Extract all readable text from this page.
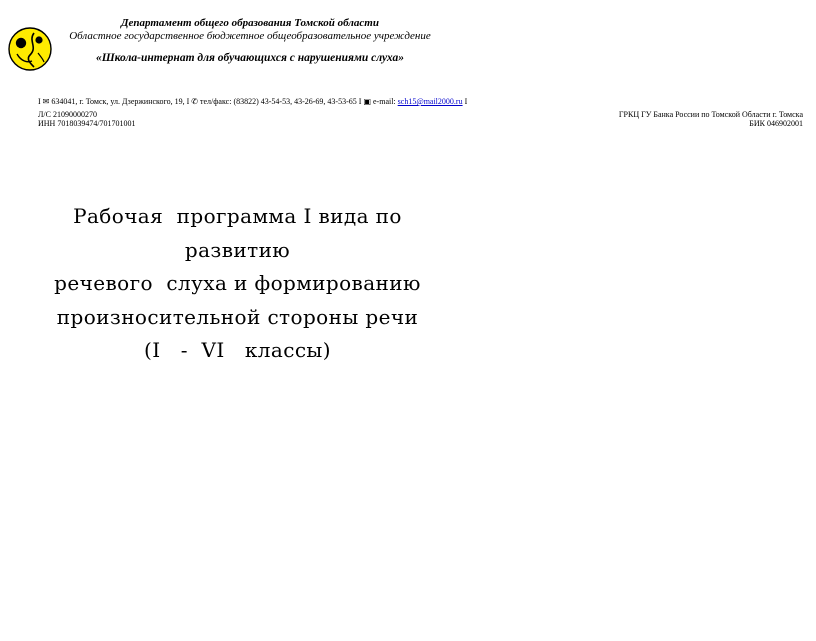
Департамент общего образования Томской области
Областное государственное бюджетное общеобразовательное учреждение
«Школа-интернат для обучающихся с нарушениями слуха»
I ✉ 634041, г. Томск, ул. Дзержинского, 19, I ✆ тел/факс: (83822) 43-54-53, 43-26-69, 43-53-65 I ▣ e-mail: sch15@mail2000.ru I
Л/С 21090000270
ИНН 7018039474/701701001
ГРКЦ ГУ Банка России по Томской Области г. Томска
БИК 046902001
Рабочая  программа I вида по
развитию
речевого  слуха и формированию
произносительной стороны речи
(I   -  VI   классы)
